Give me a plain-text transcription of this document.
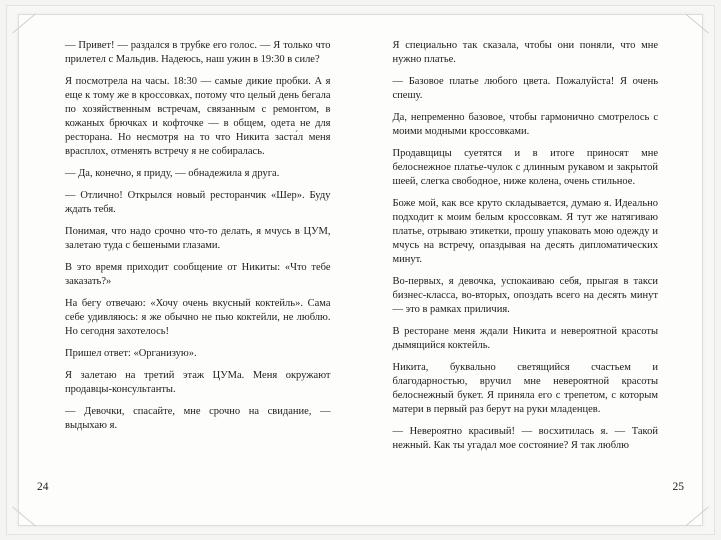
— Привет! — раздался в трубке его голос. — Я только что прилетел с Мальдив. Надеюсь, наш ужин в 19:30 в силе?

Я посмотрела на часы. 18:30 — самые дикие пробки. А я еще к тому же в кроссовках, потому что целый день бегала по хозяйственным встречам, связанным с ремонтом, в кожаных брючках и кофточке — в общем, одета не для ресторана. Но несмотря на то что Никита заста́л меня врасплох, отменять встречу я не собиралась.

— Да, конечно, я приду, — обнадежила я друга.

— Отлично! Открылся новый ресторанчик «Шер». Буду ждать тебя.

Понимая, что надо срочно что-то делать, я мчусь в ЦУМ, залетаю туда с бешеными глазами.

В это время приходит сообщение от Никиты: «Что тебе заказать?»

На бегу отвечаю: «Хочу очень вкусный коктейль». Сама себе удивляюсь: я же обычно не пью коктейли, не люблю. Но сегодня захотелось!

Пришел ответ: «Организую».

Я залетаю на третий этаж ЦУМа. Меня окружают продавцы-консультанты.

— Девочки, спасайте, мне срочно на свидание, — выдыхаю я.

24

Я специально так сказала, чтобы они поняли, что мне нужно платье.

— Базовое платье любого цвета. Пожалуйста! Я очень спешу.

Да, непременно базовое, чтобы гармонично смотрелось с моими модными кроссовками.

Продавщицы суетятся и в итоге приносят мне белоснежное платье-чулок с длинным рукавом и закрытой шеей, слегка свободное, ниже колена, очень стильное.

Боже мой, как все круто складывается, думаю я. Идеально подходит к моим белым кроссовкам. Я тут же натягиваю платье, отрываю этикетки, прошу упаковать мою одежду и мчусь на встречу, опаздывая на десять дипломатических минут.

Во-первых, я девочка, успокаиваю себя, прыгая в такси бизнес-класса, во-вторых, опоздать всего на десять минут — это в рамках приличия.

В ресторане меня ждали Никита и невероятной красоты дымящийся коктейль.

Никита, буквально светящийся счастьем и благодарностью, вручил мне невероятной красоты белоснежный букет. Я приняла его с трепетом, с которым матери в первый раз берут на руки младенцев.

— Невероятно красивый! — восхитилась я. — Такой нежный. Как ты угадал мое состояние? Я так люблю

25
